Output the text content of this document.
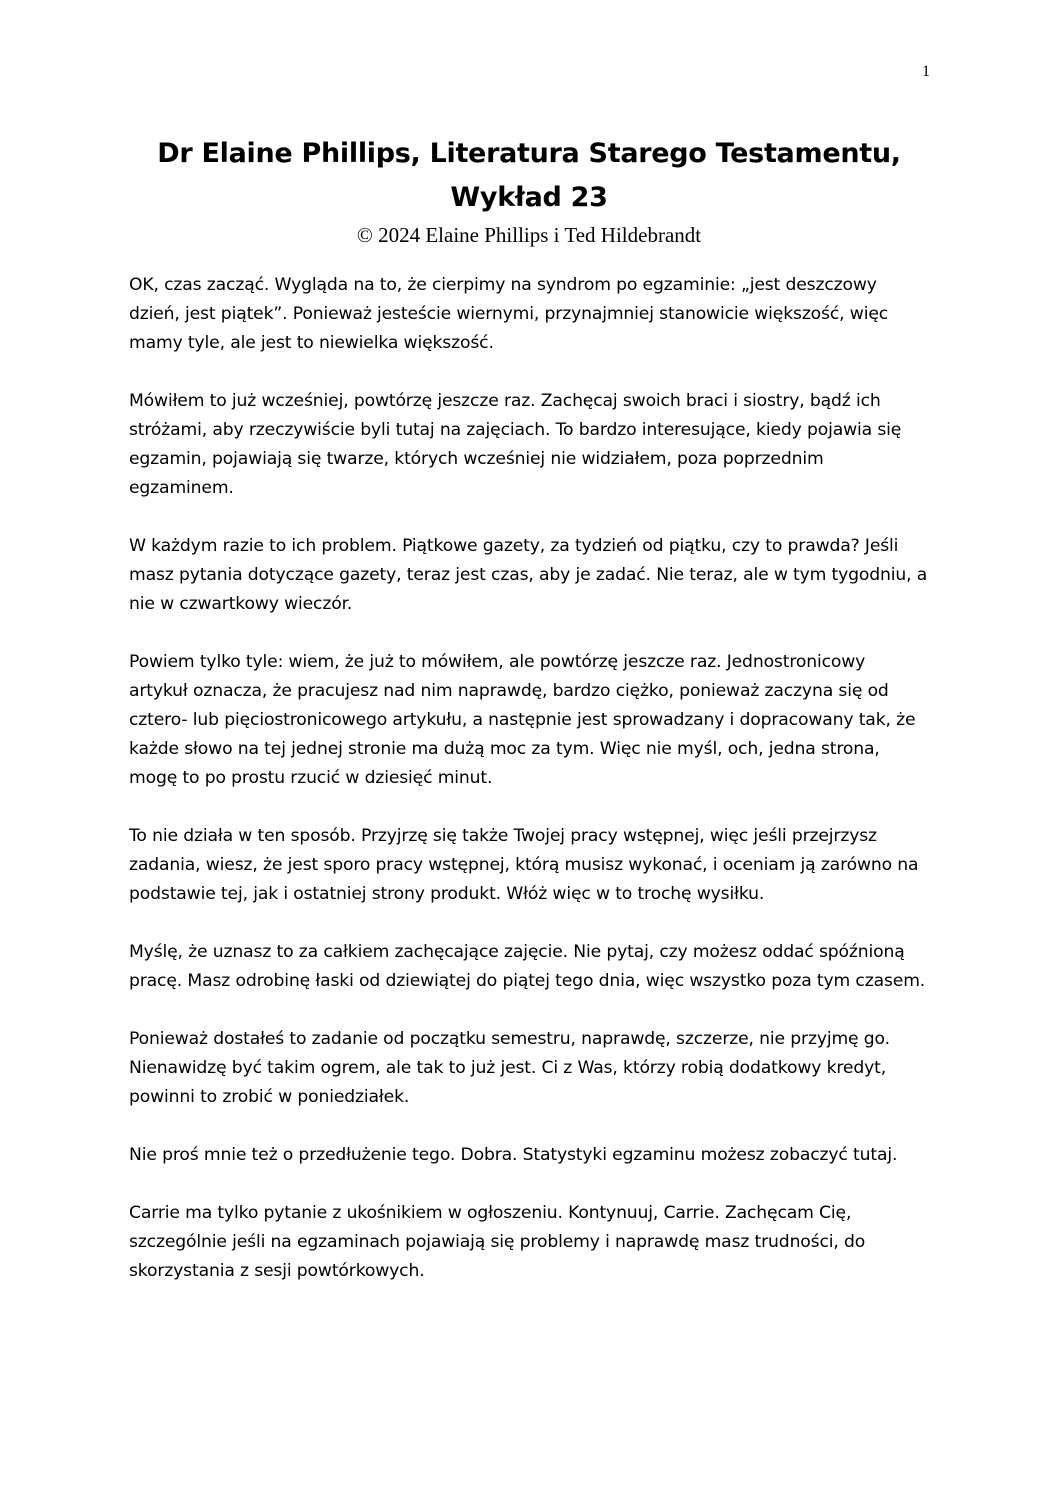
1
Dr Elaine Phillips, Literatura Starego Testamentu,
Wykład 23
© 2024 Elaine Phillips i Ted Hildebrandt

OK, czas zacząć. Wygląda na to, że cierpimy na syndrom po egzaminie: „jest deszczowy dzień, jest piątek”. Ponieważ jesteście wiernymi, przynajmniej stanowicie większość, więc mamy tyle, ale jest to niewielka większość.

Mówiłem to już wcześniej, powtórzę jeszcze raz. Zachęcaj swoich braci i siostry, bądź ich stróżami, aby rzeczywiście byli tutaj na zajęciach. To bardzo interesujące, kiedy pojawia się egzamin, pojawiają się twarze, których wcześniej nie widziałem, poza poprzednim egzaminem.

W każdym razie to ich problem. Piątkowe gazety, za tydzień od piątku, czy to prawda? Jeśli masz pytania dotyczące gazety, teraz jest czas, aby je zadać. Nie teraz, ale w tym tygodniu, a nie w czwartkowy wieczór.

Powiem tylko tyle: wiem, że już to mówiłem, ale powtórzę jeszcze raz. Jednostronicowy artykuł oznacza, że pracujesz nad nim naprawdę, bardzo ciężko, ponieważ zaczyna się od cztero- lub pięciostronicowego artykułu, a następnie jest sprowadzany i dopracowany tak, że każde słowo na tej jednej stronie ma dużą moc za tym. Więc nie myśl, och, jedna strona, mogę to po prostu rzucić w dziesięć minut.

To nie działa w ten sposób. Przyjrzę się także Twojej pracy wstępnej, więc jeśli przejrzysz zadania, wiesz, że jest sporo pracy wstępnej, którą musisz wykonać, i oceniam ją zarówno na podstawie tej, jak i ostatniej strony produkt. Włóż więc w to trochę wysiłku.

Myślę, że uznasz to za całkiem zachęcające zajęcie. Nie pytaj, czy możesz oddać spóźnioną pracę. Masz odrobinę łaski od dziewiątej do piątej tego dnia, więc wszystko poza tym czasem.

Ponieważ dostałeś to zadanie od początku semestru, naprawdę, szczerze, nie przyjmę go. Nienawidzę być takim ogrem, ale tak to już jest. Ci z Was, którzy robią dodatkowy kredyt, powinni to zrobić w poniedziałek.

Nie proś mnie też o przedłużenie tego. Dobra. Statystyki egzaminu możesz zobaczyć tutaj.

Carrie ma tylko pytanie z ukośnikiem w ogłoszeniu. Kontynuuj, Carrie. Zachęcam Cię, szczególnie jeśli na egzaminach pojawiają się problemy i naprawdę masz trudności, do skorzystania z sesji powtórkowych.
